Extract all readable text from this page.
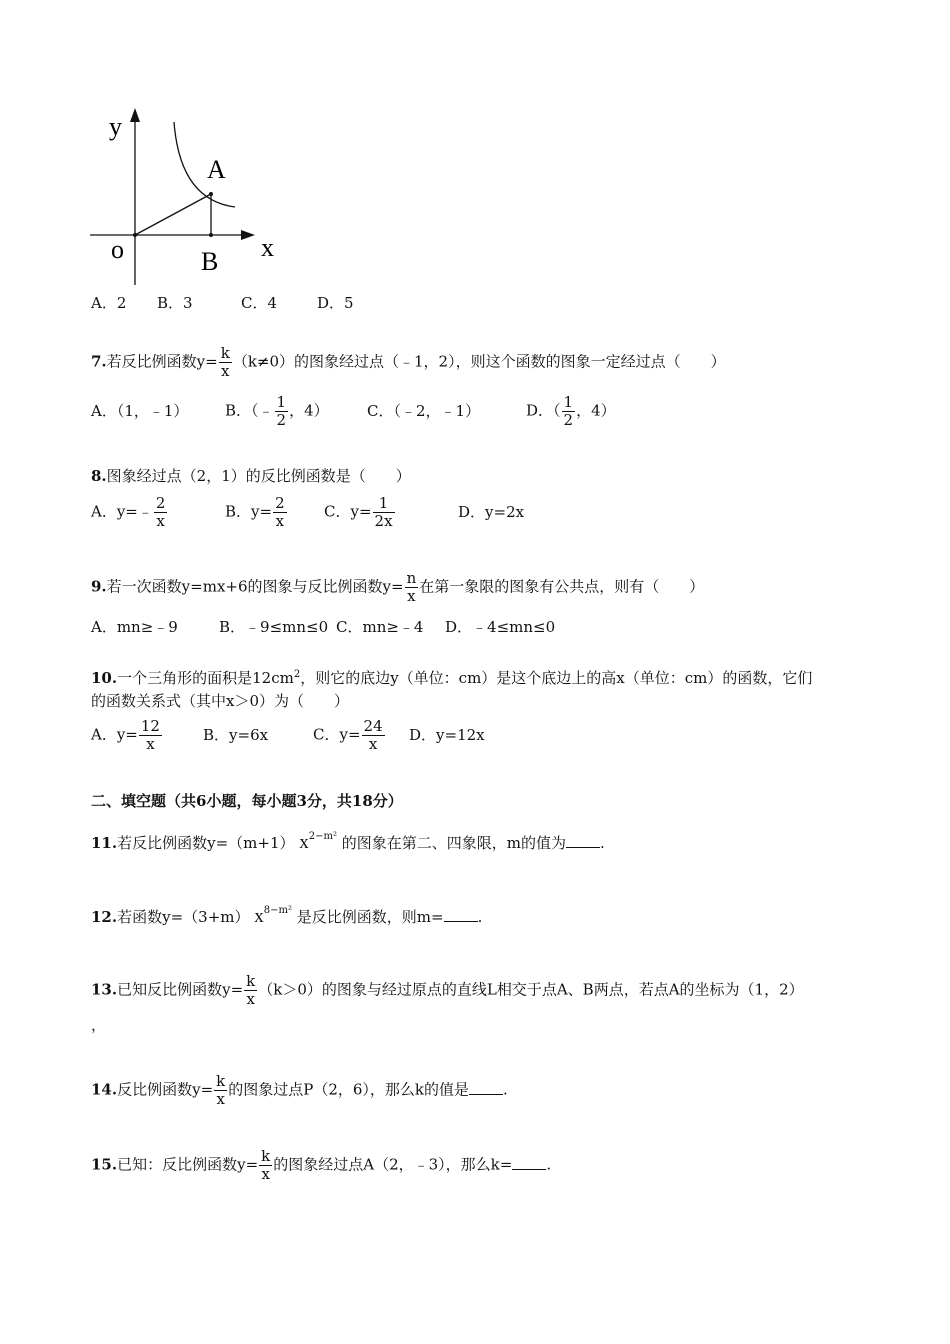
y
x
o
A
B
A．2 B．3	C．4	D．5
7.若反比例函数$y= \frac{k}{x} (k\ne 0)$的图象经过点（﹣1，2），则这个函数的图象一定经过点（　　）
A．（1，﹣1） B．（﹣ $\frac{1}{2}$ ，4）	C．（﹣2，﹣1）	D．（ $\frac{1}{2}$ ，4）
8.图象经过点（2，1）的反比例函数是（　　）
A．y=﹣ $\frac{2}{x}$	B．$y= \frac{2}{x}$ C．$y= \frac{1}{2x}$	D．y=2x
9.若一次函数y=mx+6的图象与反比例函数$y= \frac{n}{x}$ 在第一象限的图象有公共点，则有（　　）
A．mn≥﹣9	B．﹣9≤mn≤0 C．mn≥﹣4 D．﹣4≤mn≤0
10.一个三角形的面积是$12cm^2$，则它的底边y（单位：cm）是这个底边上的高x（单位：cm）的函数，它们
的函数关系式（其中x＞0）为（　　）
A．$y= \frac{12}{x}$	B．y=6x	C．$y= \frac{24}{x}$ D．y=12x
二、填空题（共6小题，每小题3分，共18分）
11.若反比例函数y=（m+1） $x^{2-m^2}$ 的图象在第二、四象限，m的值为 .
12.若函数y=（3+m） $x^{8-m^2}$ 是反比例函数，则m= .
13.已知反比例函数$y= \frac{k}{x} (k>0)$的图象与经过原点的直线L相交于点A、B两点，若点A的坐标为（1，2）
，
14.反比例函数$y= \frac{k}{x}$ 的图象过点P（2，6），那么k的值是 .
15.已知：反比例函数$y= \frac{k}{x}$ 的图象经过点A（2，﹣3），那么k= .
